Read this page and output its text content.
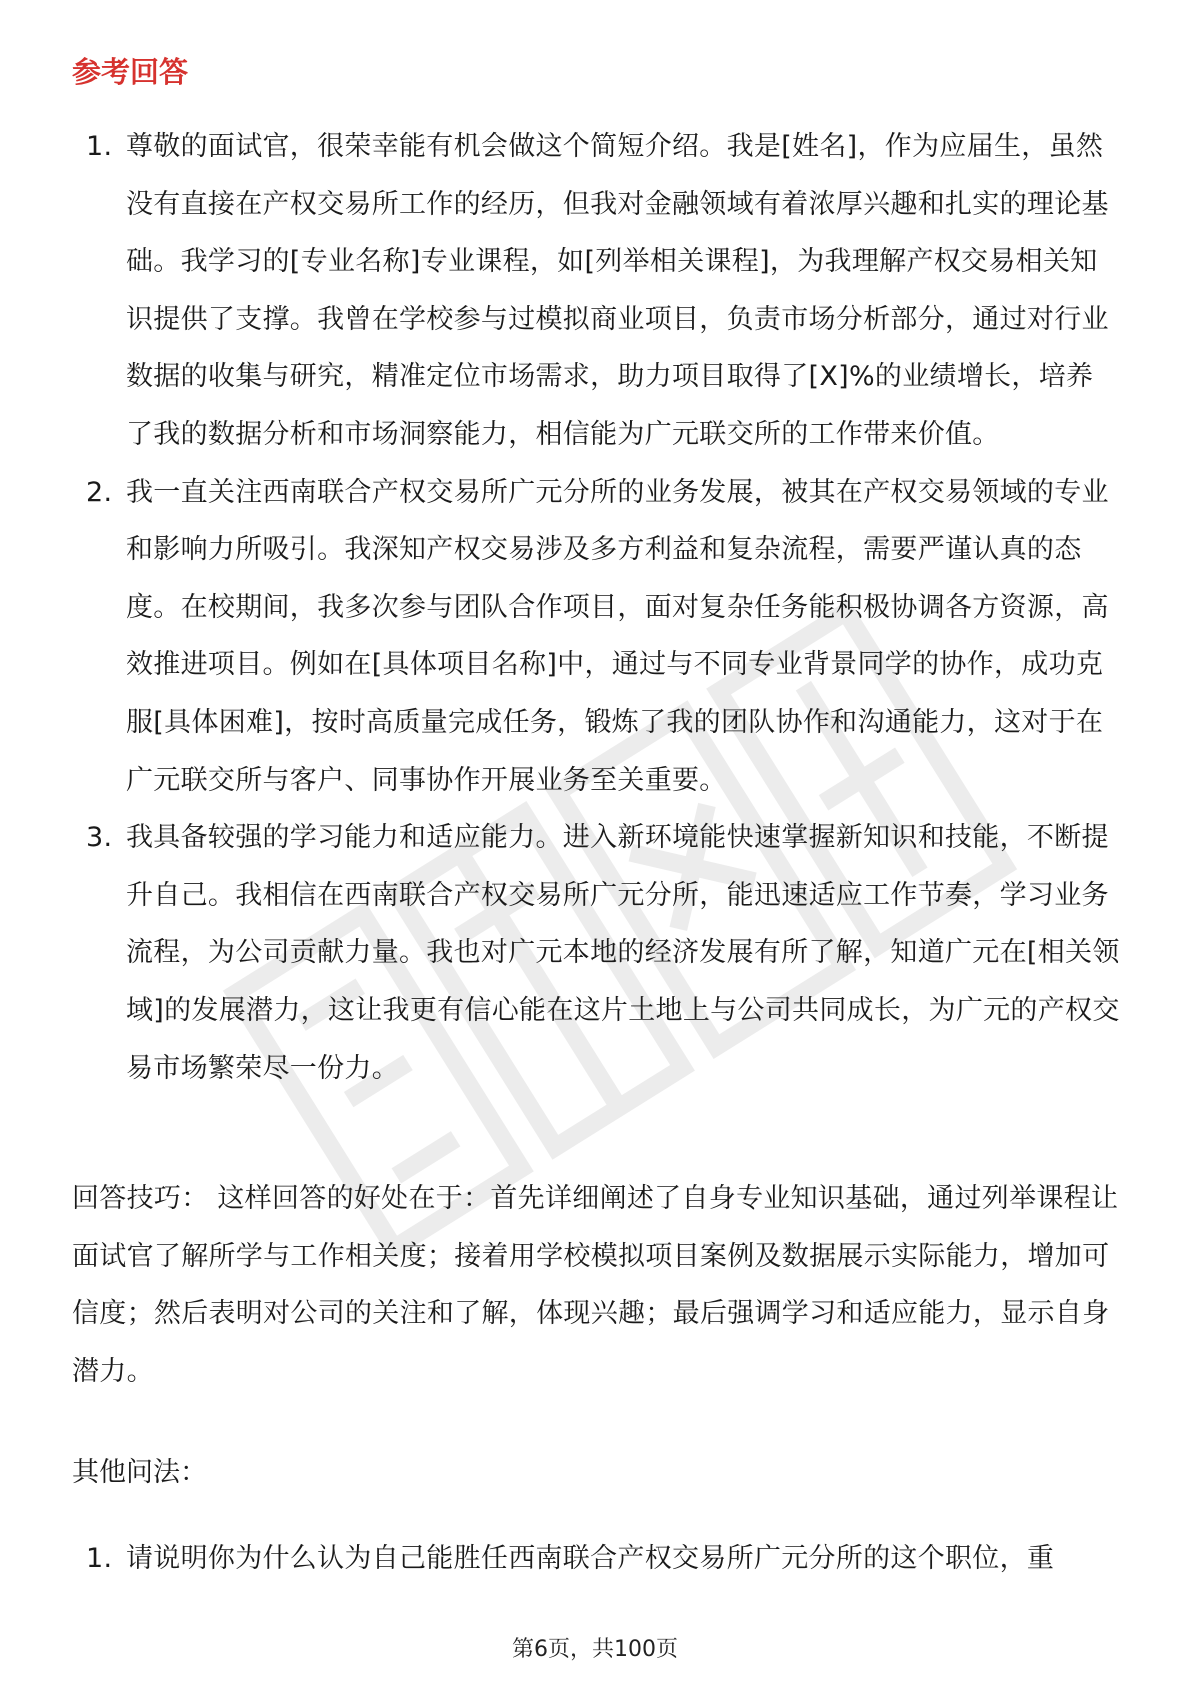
参考回答
1. 尊敬的面试官，很荣幸能有机会做这个简短介绍。我是[姓名]，作为应届生，虽然没有直接在产权交易所工作的经历，但我对金融领域有着浓厚兴趣和扎实的理论基础。我学习的[专业名称]专业课程，如[列举相关课程]，为我理解产权交易相关知识提供了支撑。我曾在学校参与过模拟商业项目，负责市场分析部分，通过对行业数据的收集与研究，精准定位市场需求，助力项目取得了[X]%的业绩增长，培养了我的数据分析和市场洞察能力，相信能为广元联交所的工作带来价值。
2. 我一直关注西南联合产权交易所广元分所的业务发展，被其在产权交易领域的专业和影响力所吸引。我深知产权交易涉及多方利益和复杂流程，需要严谨认真的态度。在校期间，我多次参与团队合作项目，面对复杂任务能积极协调各方资源，高效推进项目。例如在[具体项目名称]中，通过与不同专业背景同学的协作，成功克服[具体困难]，按时高质量完成任务，锻炼了我的团队协作和沟通能力，这对于在广元联交所与客户、同事协作开展业务至关重要。
3. 我具备较强的学习能力和适应能力。进入新环境能快速掌握新知识和技能，不断提升自己。我相信在西南联合产权交易所广元分所，能迅速适应工作节奏，学习业务流程，为公司贡献力量。我也对广元本地的经济发展有所了解，知道广元在[相关领域]的发展潜力，这让我更有信心能在这片土地上与公司共同成长，为广元的产权交易市场繁荣尽一份力。

回答技巧： 这样回答的好处在于：首先详细阐述了自身专业知识基础，通过列举课程让面试官了解所学与工作相关度；接着用学校模拟项目案例及数据展示实际能力，增加可信度；然后表明对公司的关注和了解，体现兴趣；最后强调学习和适应能力，显示自身潜力。

其他问法：
1. 请说明你为什么认为自己能胜任西南联合产权交易所广元分所的这个职位，重
第6页，共100页
